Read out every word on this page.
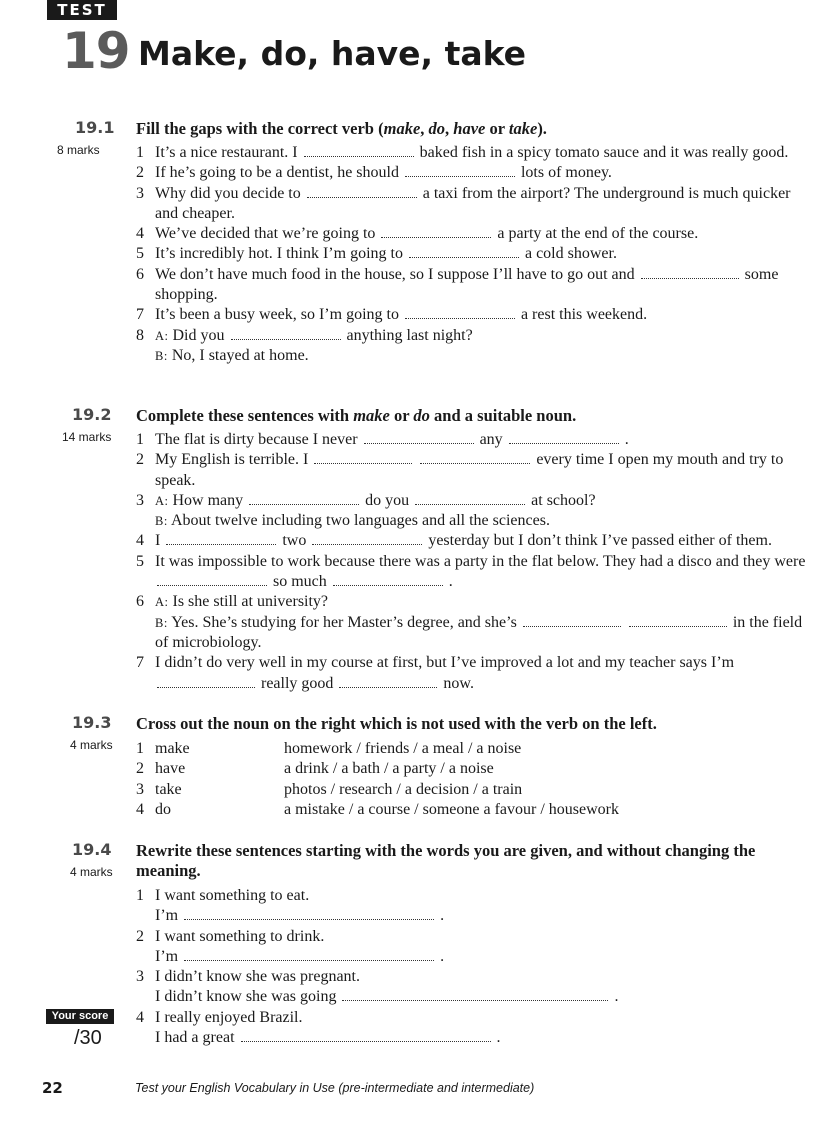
TEST
19 Make, do, have, take
19.1
8 marks
Fill the gaps with the correct verb (make, do, have or take).
1 It’s a nice restaurant. I	baked fish in a spicy tomato sauce and it was really good.
2 If he’s going to be a dentist, he should	lots of money.
3 Why did you decide to	a taxi from the airport? The underground is much quicker and cheaper.
4 We’ve decided that we’re going to	a party at the end of the course.
5 It’s incredibly hot. I think I’m going to	a cold shower.
6 We don’t have much food in the house, so I suppose I’ll have to go out and	some shopping.
7 It’s been a busy week, so I’m going to	a rest this weekend.
8 A: Did you	anything last night?
B: No, I stayed at home.
19.2
14 marks
Complete these sentences with make or do and a suitable noun.
1 The flat is dirty because I never	any	.
2 My English is terrible. I	every time I open my mouth and try to speak.
3 A: How many	do you	at school?
B: About twelve including two languages and all the sciences.
4 I	two	yesterday but I don’t think I’ve passed either of them.
5 It was impossible to work because there was a party in the flat below. They had a disco and they were  so much	.
6 A: Is she still at university?
B: Yes. She’s studying for her Master’s degree, and she’s	in the field of microbiology.
7 I didn’t do very well in my course at first, but I’ve improved a lot and my teacher says I’m  really good	now.
19.3
4 marks
Cross out the noun on the right which is not used with the verb on the left.
1 make	homework / friends / a meal / a noise
2 have	a drink / a bath / a party / a noise
3 take	photos / research / a decision / a train
4 do	a mistake / a course / someone a favour / housework
19.4
4 marks
Rewrite these sentences starting with the words you are given, and without changing the meaning.
1 I want something to eat.
I’m	.
2 I want something to drink.
I’m	.
3 I didn’t know she was pregnant.
I didn’t know she was going	.
4 I really enjoyed Brazil.
I had a great	.
Your score
/30
22	Test your English Vocabulary in Use (pre-intermediate and intermediate)
